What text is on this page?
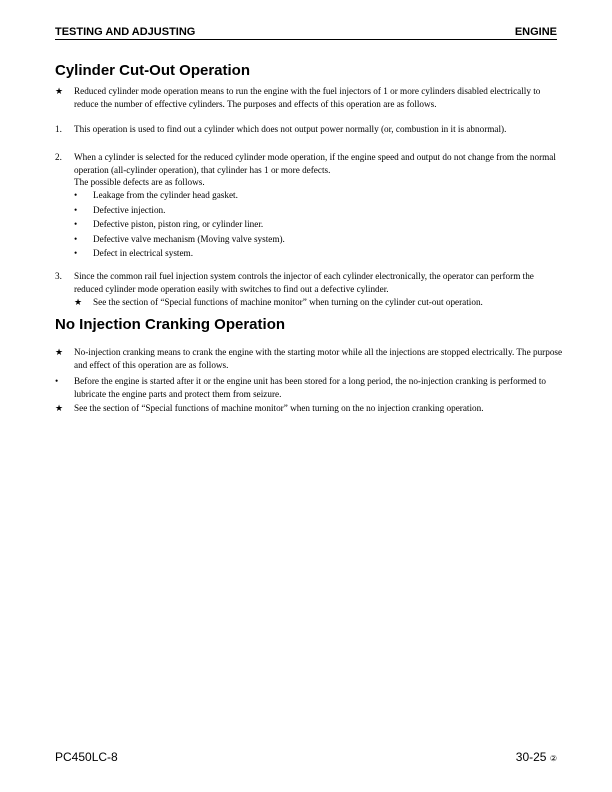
TESTING AND ADJUSTING	ENGINE
Cylinder Cut-Out Operation
★ Reduced cylinder mode operation means to run the engine with the fuel injectors of 1 or more cylinders disabled electrically to reduce the number of effective cylinders. The purposes and effects of this operation are as follows.
1. This operation is used to find out a cylinder which does not output power normally (or, combustion in it is abnormal).
2. When a cylinder is selected for the reduced cylinder mode operation, if the engine speed and output do not change from the normal operation (all-cylinder operation), that cylinder has 1 or more defects.
The possible defects are as follows.
• Leakage from the cylinder head gasket.
• Defective injection.
• Defective piston, piston ring, or cylinder liner.
• Defective valve mechanism (Moving valve system).
• Defect in electrical system.
3. Since the common rail fuel injection system controls the injector of each cylinder electronically, the operator can perform the reduced cylinder mode operation easily with switches to find out a defective cylinder.
★ See the section of “Special functions of machine monitor” when turning on the cylinder cut-out operation.
No Injection Cranking Operation
★ No-injection cranking means to crank the engine with the starting motor while all the injections are stopped electrically. The purpose and effect of this operation are as follows.
• Before the engine is started after it or the engine unit has been stored for a long period, the no-injection cranking is performed to lubricate the engine parts and protect them from seizure.
★ See the section of “Special functions of machine monitor” when turning on the no injection cranking operation.
PC450LC-8	30-25 ②
